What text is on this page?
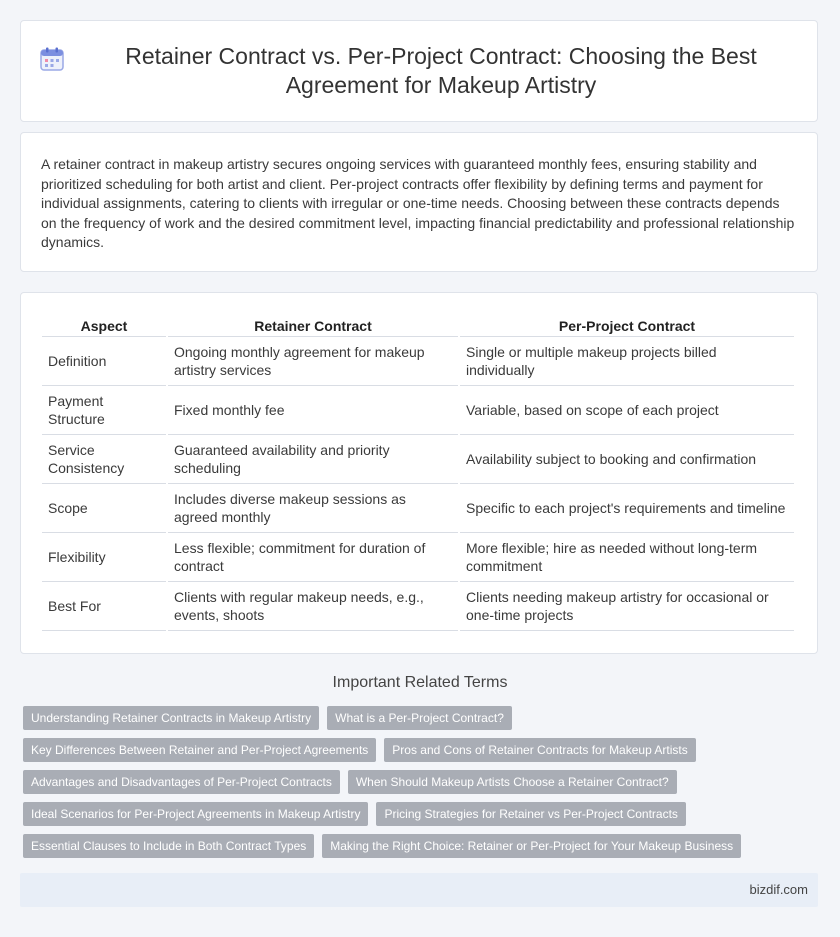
Retainer Contract vs. Per-Project Contract: Choosing the Best Agreement for Makeup Artistry

A retainer contract in makeup artistry secures ongoing services with guaranteed monthly fees, ensuring stability and prioritized scheduling for both artist and client. Per-project contracts offer flexibility by defining terms and payment for individual assignments, catering to clients with irregular or one-time needs. Choosing between these contracts depends on the frequency of work and the desired commitment level, impacting financial predictability and professional relationship dynamics.

Aspect	Retainer Contract	Per-Project Contract
Definition	Ongoing monthly agreement for makeup artistry services	Single or multiple makeup projects billed individually
Payment Structure	Fixed monthly fee	Variable, based on scope of each project
Service Consistency	Guaranteed availability and priority scheduling	Availability subject to booking and confirmation
Scope	Includes diverse makeup sessions as agreed monthly	Specific to each project's requirements and timeline
Flexibility	Less flexible; commitment for duration of contract	More flexible; hire as needed without long-term commitment
Best For	Clients with regular makeup needs, e.g., events, shoots	Clients needing makeup artistry for occasional or one-time projects
Important Related Terms
Understanding Retainer Contracts in Makeup Artistry	What is a Per-Project Contract?
Key Differences Between Retainer and Per-Project Agreements	Pros and Cons of Retainer Contracts for Makeup Artists
Advantages and Disadvantages of Per-Project Contracts	When Should Makeup Artists Choose a Retainer Contract?
Ideal Scenarios for Per-Project Agreements in Makeup Artistry	Pricing Strategies for Retainer vs Per-Project Contracts
Essential Clauses to Include in Both Contract Types	Making the Right Choice: Retainer or Per-Project for Your Makeup Business
bizdif.com
